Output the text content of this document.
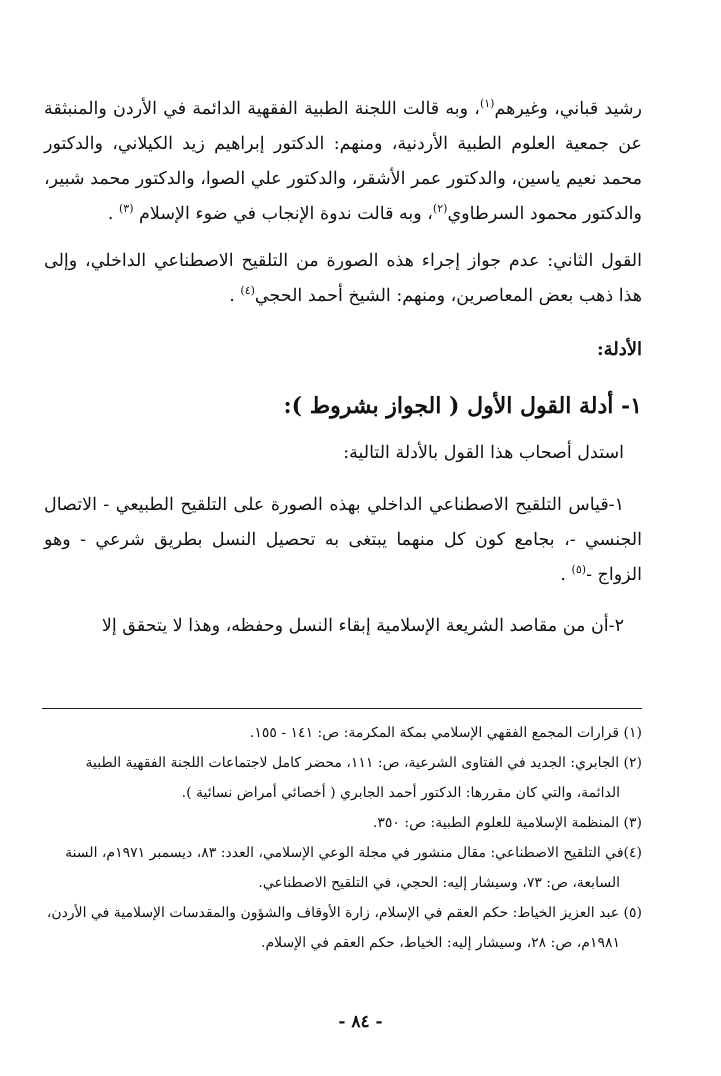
رشيد قباني، وغيرهم$^{(١)}$، وبه قالت اللجنة الطبية الفقهية الدائمة في الأردن والمنبثقة عن جمعية العلوم الطبية الأردنية، ومنهم: الدكتور إبراهيم زيد الكيلاني، والدكتور محمد نعيم ياسين، والدكتور عمر الأشقر، والدكتور علي الصوا، والدكتور محمد شبير، والدكتور محمود السرطاوي$^{(٢)}$، وبه قالت ندوة الإنجاب في ضوء الإسلام $^{(٣)}$ .

القول الثاني: عدم جواز إجراء هذه الصورة من التلقيح الاصطناعي الداخلي، وإلى هذا ذهب بعض المعاصرين، ومنهم: الشيخ أحمد الحجي$^{(٤)}$ .

الأدلة:

١- أدلة القول الأول ( الجواز بشروط ):

استدل أصحاب هذا القول بالأدلة التالية:

١-قياس التلقيح الاصطناعي الداخلي بهذه الصورة على التلقيح الطبيعي - الاتصال الجنسي -، بجامع كون كل منهما يبتغى به تحصيل النسل بطريق شرعي - وهو الزواج -$^{(٥)}$ .

٢-أن من مقاصد الشريعة الإسلامية إبقاء النسل وحفظه، وهذا لا يتحقق إلا

(١) قرارات المجمع الفقهي الإسلامي بمكة المكرمة: ص: ١٤١ - ١٥٥.

(٢) الجابري: الجديد في الفتاوى الشرعية، ص: ١١١، محضر كامل لاجتماعات اللجنة الفقهية الطبية
الدائمة، والتي كان مقررها: الدكتور أحمد الجابري ( أخصائي أمراض نسائية ).

(٣) المنظمة الإسلامية للعلوم الطبية: ص: ٣٥٠.

(٤)في التلقيح الاصطناعي: مقال منشور في مجلة الوعي الإسلامي، العدد: ٨٣، ديسمبر ١٩٧١م، السنة
السابعة، ص: ٧٣، وسيشار إليه: الحجي، في التلقيح الاصطناعي.

(٥) عبد العزيز الخياط: حكم العقم في الإسلام، زارة الأوقاف والشؤون والمقدسات الإسلامية في الأردن،
١٩٨١م، ص: ٢٨، وسيشار إليه: الخياط، حكم العقم في الإسلام.

- ٨٤ -
